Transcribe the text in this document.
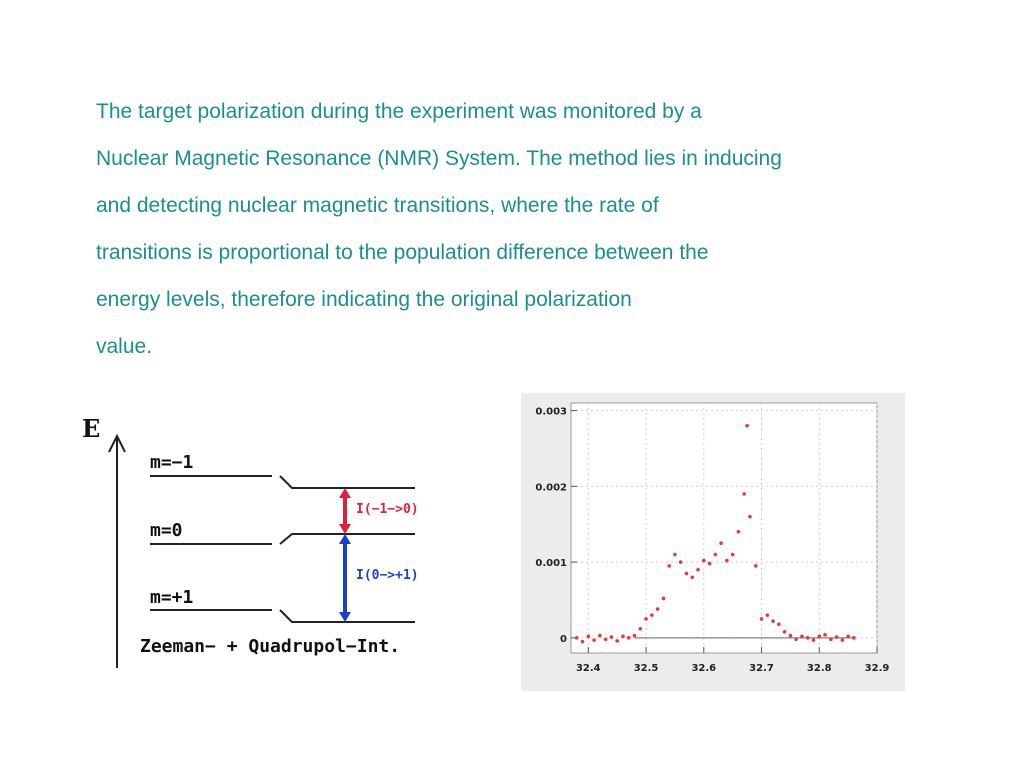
The target polarization during the experiment was monitored by a
Nuclear Magnetic Resonance (NMR) System. The method lies in inducing
and detecting nuclear magnetic transitions, where the rate of
transitions is proportional to the population difference between the
energy levels, therefore indicating the original polarization
value.
E
m=−1
m=0
m=+1
I(−1−>0)
I(0−>+1)
Zeeman− + Quadrupol−Int.
32.4	32.5	32.6	32.7	32.8	32.9
0
0.001
0.002
0.003
